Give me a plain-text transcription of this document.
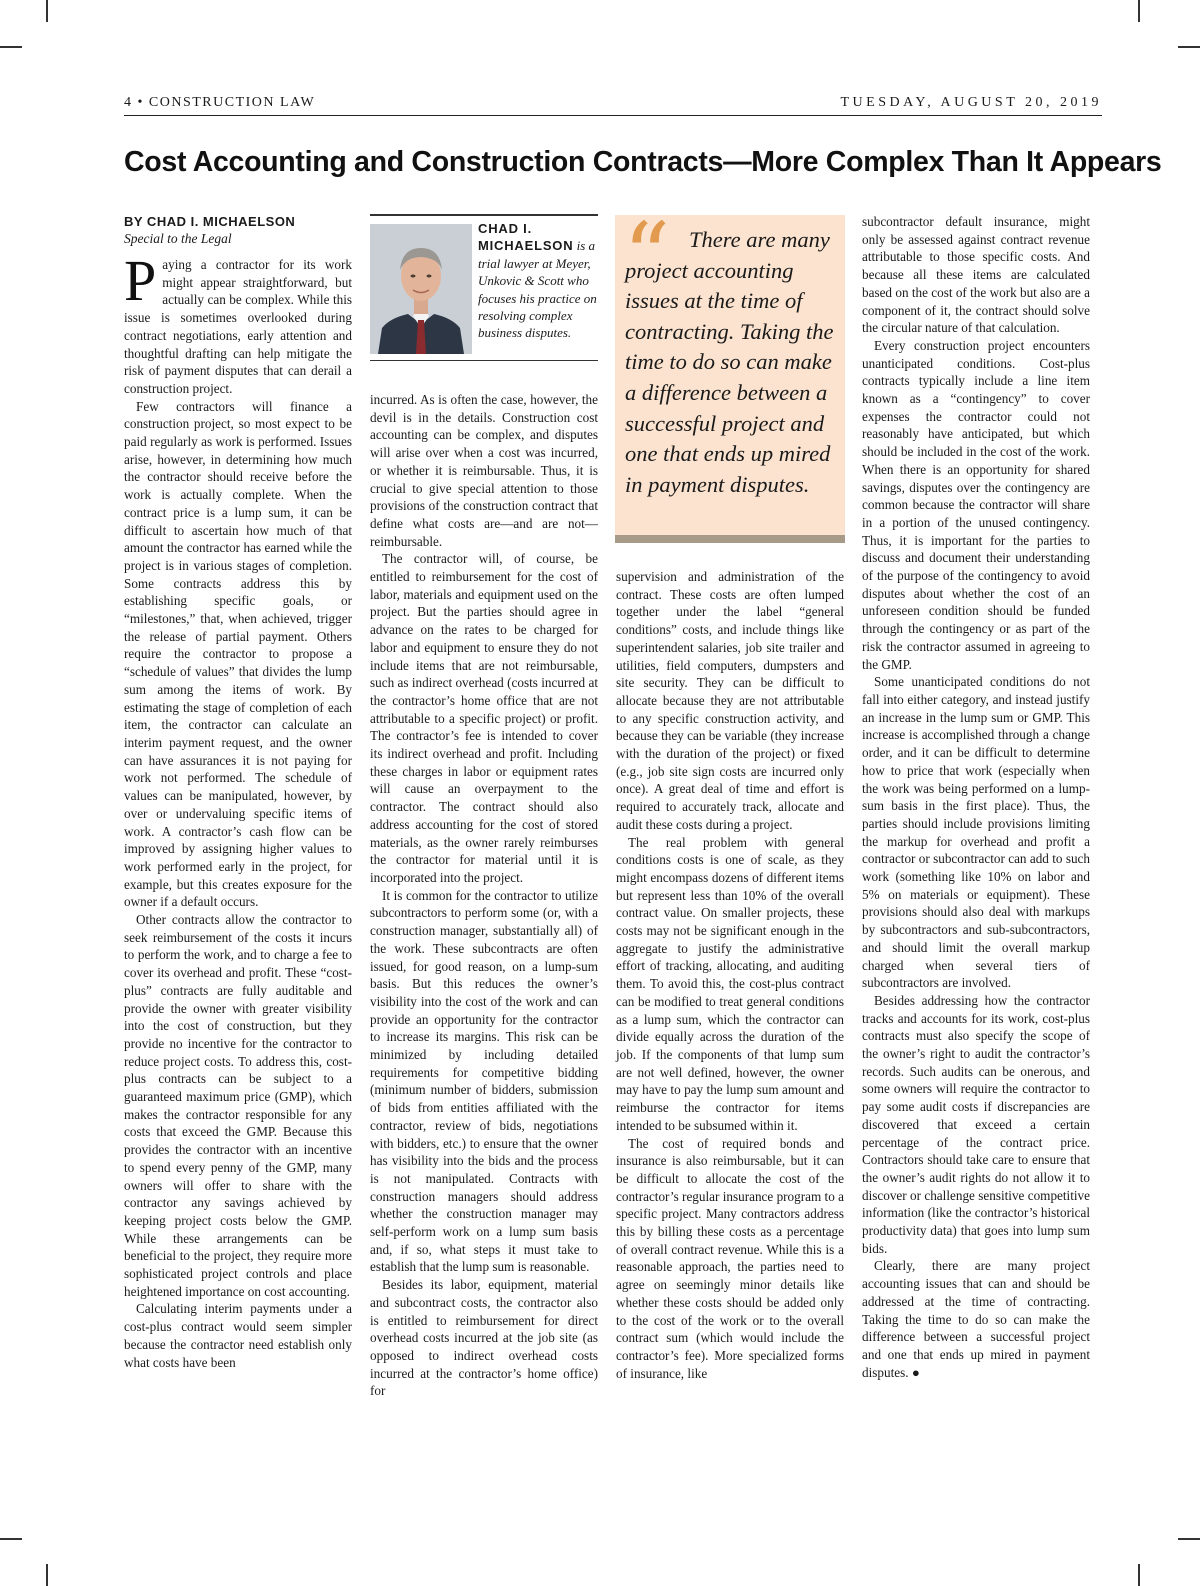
4 • CONSTRUCTION LAW	TUESDAY, AUGUST 20, 2019
Cost Accounting and Construction Contracts—More Complex Than It Appears
BY CHAD I. MICHAELSON
Special to the Legal

Paying a contractor for its work might appear straightforward, but actually can be complex. While this issue is sometimes overlooked during contract negotiations, early attention and thoughtful drafting can help mitigate the risk of payment disputes that can derail a construction project.

Few contractors will finance a construction project, so most expect to be paid regularly as work is performed. Issues arise, however, in determining how much the contractor should receive before the work is actually complete. When the contract price is a lump sum, it can be difficult to ascertain how much of that amount the contractor has earned while the project is in various stages of completion. Some contracts address this by establishing specific goals, or “milestones,” that, when achieved, trigger the release of partial payment. Others require the contractor to propose a “schedule of values” that divides the lump sum among the items of work. By estimating the stage of completion of each item, the contractor can calculate an interim payment request, and the owner can have assurances it is not paying for work not performed. The schedule of values can be manipulated, however, by over or undervaluing specific items of work. A contractor’s cash flow can be improved by assigning higher values to work performed early in the project, for example, but this creates exposure for the owner if a default occurs.

Other contracts allow the contractor to seek reimbursement of the costs it incurs to perform the work, and to charge a fee to cover its overhead and profit. These “cost-plus” contracts are fully auditable and provide the owner with greater visibility into the cost of construction, but they provide no incentive for the contractor to reduce project costs. To address this, cost-plus contracts can be subject to a guaranteed maximum price (GMP), which makes the contractor responsible for any costs that exceed the GMP. Because this provides the contractor with an incentive to spend every penny of the GMP, many owners will offer to share with the contractor any savings achieved by keeping project costs below the GMP. While these arrangements can be beneficial to the project, they require more sophisticated project controls and place heightened importance on cost accounting.

Calculating interim payments under a cost-plus contract would seem simpler because the contractor need establish only what costs have been

CHAD I. MICHAELSON is a trial lawyer at Meyer, Unkovic & Scott who focuses his practice on resolving complex business disputes.

incurred. As is often the case, however, the devil is in the details. Construction cost accounting can be complex, and disputes will arise over when a cost was incurred, or whether it is reimbursable. Thus, it is crucial to give special attention to those provisions of the construction contract that define what costs are—and are not—reimbursable.

The contractor will, of course, be entitled to reimbursement for the cost of labor, materials and equipment used on the project. But the parties should agree in advance on the rates to be charged for labor and equipment to ensure they do not include items that are not reimbursable, such as indirect overhead (costs incurred at the contractor’s home office that are not attributable to a specific project) or profit. The contractor’s fee is intended to cover its indirect overhead and profit. Including these charges in labor or equipment rates will cause an overpayment to the contractor. The contract should also address accounting for the cost of stored materials, as the owner rarely reimburses the contractor for material until it is incorporated into the project.

It is common for the contractor to utilize subcontractors to perform some (or, with a construction manager, substantially all) of the work. These subcontracts are often issued, for good reason, on a lump-sum basis. But this reduces the owner’s visibility into the cost of the work and can provide an opportunity for the contractor to increase its margins. This risk can be minimized by including detailed requirements for competitive bidding (minimum number of bidders, submission of bids from entities affiliated with the contractor, review of bids, negotiations with bidders, etc.) to ensure that the owner has visibility into the bids and the process is not manipulated. Contracts with construction managers should address whether the construction manager may self-perform work on a lump sum basis and, if so, what steps it must take to establish that the lump sum is reasonable.

Besides its labor, equipment, material and subcontract costs, the contractor also is entitled to reimbursement for direct overhead costs incurred at the job site (as opposed to indirect overhead costs incurred at the contractor’s home office) for

“ There are many project accounting issues at the time of contracting. Taking the time to do so can make a difference between a successful project and one that ends up mired in payment disputes.

supervision and administration of the contract. These costs are often lumped together under the label “general conditions” costs, and include things like superintendent salaries, job site trailer and utilities, field computers, dumpsters and site security. They can be difficult to allocate because they are not attributable to any specific construction activity, and because they can be variable (they increase with the duration of the project) or fixed (e.g., job site sign costs are incurred only once). A great deal of time and effort is required to accurately track, allocate and audit these costs during a project.

The real problem with general conditions costs is one of scale, as they might encompass dozens of different items but represent less than 10% of the overall contract value. On smaller projects, these costs may not be significant enough in the aggregate to justify the administrative effort of tracking, allocating, and auditing them. To avoid this, the cost-plus contract can be modified to treat general conditions as a lump sum, which the contractor can divide equally across the duration of the job. If the components of that lump sum are not well defined, however, the owner may have to pay the lump sum amount and reimburse the contractor for items intended to be subsumed within it.

The cost of required bonds and insurance is also reimbursable, but it can be difficult to allocate the cost of the contractor’s regular insurance program to a specific project. Many contractors address this by billing these costs as a percentage of overall contract revenue. While this is a reasonable approach, the parties need to agree on seemingly minor details like whether these costs should be added only to the cost of the work or to the overall contract sum (which would include the contractor’s fee). More specialized forms of insurance, like

subcontractor default insurance, might only be assessed against contract revenue attributable to those specific costs. And because all these items are calculated based on the cost of the work but also are a component of it, the contract should solve the circular nature of that calculation.

Every construction project encounters unanticipated conditions. Cost-plus contracts typically include a line item known as a “contingency” to cover expenses the contractor could not reasonably have anticipated, but which should be included in the cost of the work. When there is an opportunity for shared savings, disputes over the contingency are common because the contractor will share in a portion of the unused contingency. Thus, it is important for the parties to discuss and document their understanding of the purpose of the contingency to avoid disputes about whether the cost of an unforeseen condition should be funded through the contingency or as part of the risk the contractor assumed in agreeing to the GMP.

Some unanticipated conditions do not fall into either category, and instead justify an increase in the lump sum or GMP. This increase is accomplished through a change order, and it can be difficult to determine how to price that work (especially when the work was being performed on a lump-sum basis in the first place). Thus, the parties should include provisions limiting the markup for overhead and profit a contractor or subcontractor can add to such work (something like 10% on labor and 5% on materials or equipment). These provisions should also deal with markups by subcontractors and sub-subcontractors, and should limit the overall markup charged when several tiers of subcontractors are involved.

Besides addressing how the contractor tracks and accounts for its work, cost-plus contracts must also specify the scope of the owner’s right to audit the contractor’s records. Such audits can be onerous, and some owners will require the contractor to pay some audit costs if discrepancies are discovered that exceed a certain percentage of the contract price. Contractors should take care to ensure that the owner’s audit rights do not allow it to discover or challenge sensitive competitive information (like the contractor’s historical productivity data) that goes into lump sum bids.

Clearly, there are many project accounting issues that can and should be addressed at the time of contracting. Taking the time to do so can make the difference between a successful project and one that ends up mired in payment disputes. ●
